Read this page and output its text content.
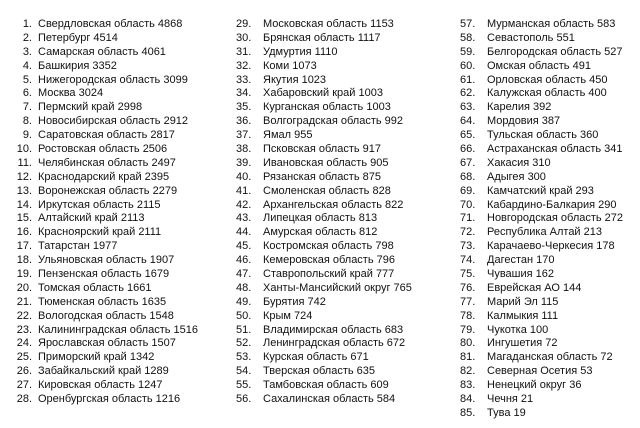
1. Свердловская область 4868
2. Петербург 4514
3. Самарская область 4061
4. Башкирия 3352
5. Нижегородская область 3099
6. Москва 3024
7. Пермский край 2998
8. Новосибирская область 2912
9. Саратовская область 2817
10. Ростовская область 2506
11. Челябинская область 2497
12. Краснодарский край 2395
13. Воронежская область 2279
14. Иркутская область 2115
15. Алтайский край 2113
16. Красноярский край 2111
17. Татарстан 1977
18. Ульяновская область 1907
19. Пензенская область 1679
20. Томская область 1661
21. Тюменская область 1635
22. Вологодская область 1548
23. Калининградская область 1516
24. Ярославская область 1507
25. Приморский край 1342
26. Забайкальский край 1289
27. Кировская область 1247
28. Оренбургская область 1216
29.	Московская область 1153
30.	Брянская область 1117
31.	Удмуртия 1110
32.	Коми 1073
33.	Якутия 1023
34.	Хабаровский край 1003
35.	Курганская область 1003
36.	Волгоградская область 992
37.	Ямал 955
38.	Псковская область 917
39.	Ивановская область 905
40.	Рязанская область 875
41.	Смоленская область 828
42.	Архангельская область 822
43.	Липецкая область 813
44.	Амурская область 812
45.	Костромская область 798
46.	Кемеровская область 796
47.	Ставропольский край 777
48.	Ханты-Мансийский округ 765
49.	Бурятия 742
50.	Крым 724
51.	Владимирская область 683
52.	Ленинградская область 672
53.	Курская область 671
54.	Тверская область 635
55.	Тамбовская область 609
56.	Сахалинская область 584
57.	Мурманская область 583
58.	Севастополь 551
59.	Белгородская область 527
60.	Омская область 491
61.	Орловская область 450
62.	Калужская область 400
63.	Карелия 392
64.	Мордовия 387
65.	Тульская область 360
66.	Астраханская область 341
67.	Хакасия 310
68.	Адыгея 300
69.	Камчатский край 293
70.	Кабардино-Балкария 290
71.	Новгородская область 272
72.	Республика Алтай 213
73.	Карачаево-Черкесия 178
74.	Дагестан 170
75.	Чувашия 162
76.	Еврейская АО 144
77.	Марий Эл 115
78.	Калмыкия 111
79.	Чукотка 100
80.	Ингушетия 72
81.	Магаданская область 72
82.	Северная Осетия 53
83.	Ненецкий округ 36
84.	Чечня 21
85.	Тува 19
